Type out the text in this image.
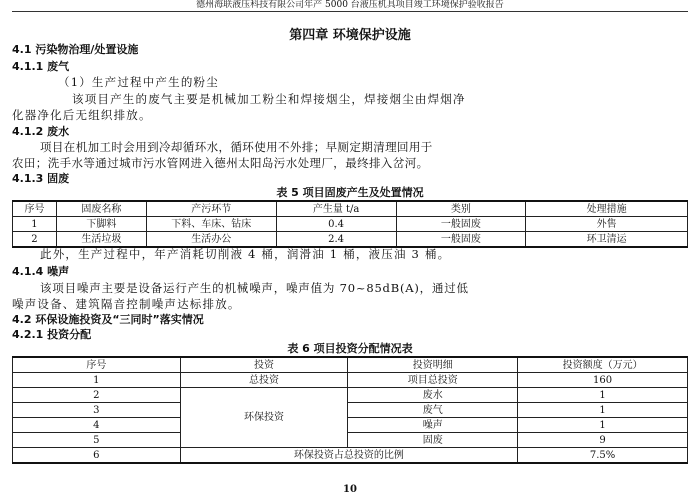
德州海联液压科技有限公司年产 5000 台液压机具项目竣工环境保护验收报告
第四章 环境保护设施
4.1 污染物治理/处置设施
4.1.1 废气
（1）生产过程中产生的粉尘
该项目产生的废气主要是机械加工粉尘和焊接烟尘，焊接烟尘由焊烟净
化器净化后无组织排放。
4.1.2 废水
项目在机加工时会用到冷却循环水，循环使用不外排；早厕定期清理回用于
农田；洗手水等通过城市污水管网进入德州太阳岛污水处理厂，最终排入岔河。
4.1.3 固废
表 5 项目固废产生及处置情况
序号	固废名称	产污环节	产生量 t/a	类别	处理措施
1	下脚料	下料、车床、钻床	0.4	一般固废	外售
2	生活垃圾	生活办公	2.4	一般固废	环卫清运
此外，生产过程中，年产消耗切削液 4 桶，润滑油 1 桶，液压油 3 桶。
4.1.4 噪声
该项目噪声主要是设备运行产生的机械噪声，噪声值为 70~85dB(A)，通过低
噪声设备、建筑隔音控制噪声达标排放。
4.2 环保设施投资及“三同时”落实情况
4.2.1 投资分配
表 6 项目投资分配情况表
序号	投资	投资明细	投资额度（万元）
1	总投资	项目总投资	160
2	环保投资	废水	1
3		废气	1
4		噪声	1
5		固废	9
6	环保投资占总投资的比例		7.5%
10
